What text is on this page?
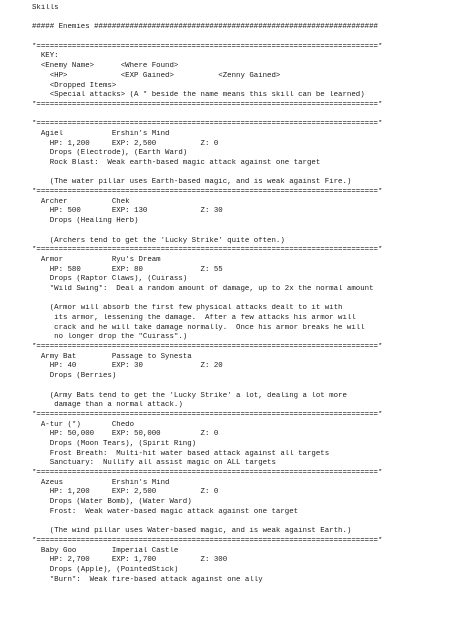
Skills
##### Enemies ################################################################
*=============================================================================*
KEY:
<Enemy Name>      <Where Found>
<HP>            <EXP Gained>          <Zenny Gained>
<Dropped Items>
<Special attacks> (A * beside the name means this skill can be learned)
*=============================================================================*
*=============================================================================*
Agiel           Ershin's Mind
HP: 1,200     EXP: 2,500          Z: 0
Drops (Electrode), (Earth Ward)
Rock Blast:  Weak earth-based magic attack against one target
(The water pillar uses Earth-based magic, and is weak against Fire.)
*=============================================================================*
Archer          Chek
HP: 500       EXP: 130            Z: 30
Drops (Healing Herb)
(Archers tend to get the 'Lucky Strike' quite often.)
*=============================================================================*
Armor           Ryu's Dream
HP: 580       EXP: 80             Z: 55
Drops (Raptor Claws), (Cuirass)
*Wild Swing*:  Deal a random amount of damage, up to 2x the normal amount
(Armor will absorb the first few physical attacks dealt to it with
its armor, lessening the damage.  After a few attacks his armor will
crack and he will take damage normally.  Once his armor breaks he will
no longer drop the "Cuirass".)
*=============================================================================*
Army Bat        Passage to Synesta
HP: 40        EXP: 30             Z: 20
Drops (Berries)
(Army Bats tend to get the 'Lucky Strike' a lot, dealing a lot more
damage than a normal attack.)
*=============================================================================*
A-tur (*)       Chedo
HP: 50,000    EXP: 50,000         Z: 0
Drops (Moon Tears), (Spirit Ring)
Frost Breath:  Multi-hit water based attack against all targets
Sanctuary:  Nullify all assist magic on ALL targets
*=============================================================================*
Azeus           Ershin's Mind
HP: 1,200     EXP: 2,500          Z: 0
Drops (Water Bomb), (Water Ward)
Frost:  Weak water-based magic attack against one target
(The wind pillar uses Water-based magic, and is weak against Earth.)
*=============================================================================*
Baby Goo        Imperial Castle
HP: 2,700     EXP: 1,700          Z: 300
Drops (Apple), (PointedStick)
*Burn*:  Weak fire-based attack against one ally
